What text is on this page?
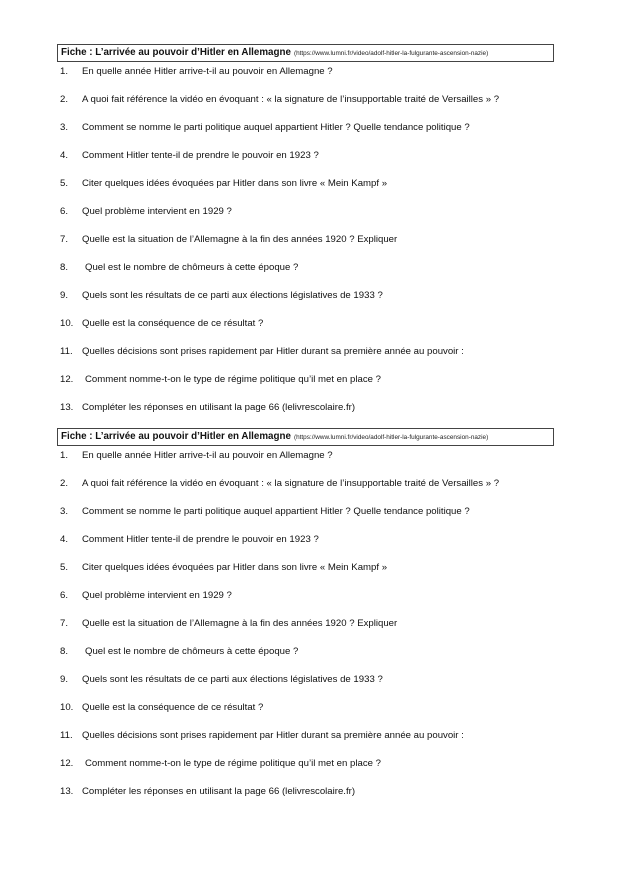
Fiche : L’arrivée au pouvoir d’Hitler en Allemagne (https://www.lumni.fr/video/adolf-hitler-la-fulgurante-ascension-nazie)
1.	En quelle année Hitler arrive-t-il au pouvoir en Allemagne ?
2.	A quoi fait référence la vidéo en évoquant : « la signature de l’insupportable traité de Versailles » ?
3.	Comment se nomme le parti politique auquel appartient Hitler ? Quelle tendance politique ?
4.	Comment Hitler tente-il de prendre le pouvoir en 1923 ?
5.	Citer quelques idées évoquées par Hitler dans son livre « Mein Kampf »
6.	Quel problème intervient en 1929 ?
7.	Quelle est la situation de l’Allemagne à la fin des années 1920 ? Expliquer
8.	Quel est le nombre de chômeurs à cette époque ?
9.	Quels sont les résultats de ce parti aux élections législatives de 1933 ?
10. Quelle est la conséquence de ce résultat ?
11. Quelles décisions sont prises rapidement par Hitler durant sa première année au pouvoir :
12.	Comment nomme-t-on le type de régime politique qu’il met en place ?
13. Compléter les réponses en utilisant la page 66 (lelivrescolaire.fr)
Fiche : L’arrivée au pouvoir d’Hitler en Allemagne (https://www.lumni.fr/video/adolf-hitler-la-fulgurante-ascension-nazie)
1.	En quelle année Hitler arrive-t-il au pouvoir en Allemagne ?
2.	A quoi fait référence la vidéo en évoquant : « la signature de l’insupportable traité de Versailles » ?
3.	Comment se nomme le parti politique auquel appartient Hitler ? Quelle tendance politique ?
4.	Comment Hitler tente-il de prendre le pouvoir en 1923 ?
5.	Citer quelques idées évoquées par Hitler dans son livre « Mein Kampf »
6.	Quel problème intervient en 1929 ?
7.	Quelle est la situation de l’Allemagne à la fin des années 1920 ? Expliquer
8.	Quel est le nombre de chômeurs à cette époque ?
9.	Quels sont les résultats de ce parti aux élections législatives de 1933 ?
10. Quelle est la conséquence de ce résultat ?
11. Quelles décisions sont prises rapidement par Hitler durant sa première année au pouvoir :
12.	Comment nomme-t-on le type de régime politique qu’il met en place ?
13. Compléter les réponses en utilisant la page 66 (lelivrescolaire.fr)
